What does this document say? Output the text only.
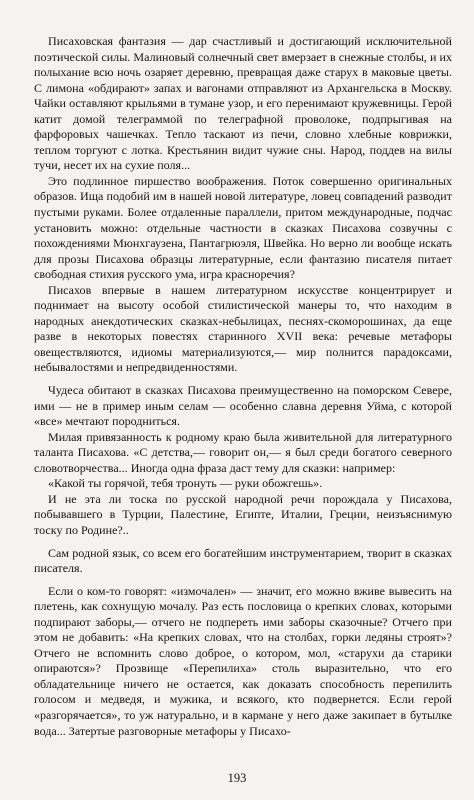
Писаховская фантазия — дар счастливый и достигающий исключительной поэтической силы. Малиновый солнечный свет вмерзает в снежные столбы, и их полыхание всю ночь озаряет деревню, превращая даже старух в маковые цветы. С лимона «обдирают» запах и вагонами отправляют из Архангельска в Москву. Чайки оставляют крыльями в тумане узор, и его перенимают кружевницы. Герой катит домой телеграммой по телеграфной проволоке, подпрыгивая на фарфоровых чашечках. Тепло таскают из печи, словно хлебные коврижки, теплом торгуют с лотка. Крестьянин видит чужие сны. Народ, поддев на вилы тучи, несет их на сухие поля...

Это подлинное пиршество воображения. Поток совершенно оригинальных образов. Ища подобий им в нашей новой литературе, ловец совпадений разводит пустыми руками. Более отдаленные параллели, притом международные, подчас установить можно: отдельные частности в сказках Писахова созвучны с похождениями Мюнхгаузена, Пантагрюэля, Швейка. Но верно ли вообще искать для прозы Писахова образцы литературные, если фантазию писателя питает свободная стихия русского ума, игра красноречия?

Писахов впервые в нашем литературном искусстве концентрирует и поднимает на высоту особой стилистической манеры то, что находим в народных анекдотических сказках-небылицах, песнях-скоморошинах, да еще разве в некоторых повестях старинного XVII века: речевые метафоры овеществляются, идиомы материализуются,— мир полнится парадоксами, небывалостями и непредвиденностями.

Чудеса обитают в сказках Писахова преимущественно на поморском Севере, ими — не в пример иным селам — особенно славна деревня Уйма, с которой «все» мечтают породниться.

Милая привязанность к родному краю была живительной для литературного таланта Писахова. «С детства,— говорит он,— я был среди богатого северного словотворчества... Иногда одна фраза даст тему для сказки: например:

«Какой ты горячой, тебя тронуть — руки обожгешь».

И не эта ли тоска по русской народной речи порождала у Писахова, побывавшего в Турции, Палестине, Египте, Италии, Греции, неизъяснимую тоску по Родине?..

Сам родной язык, со всем его богатейшим инструментарием, творит в сказках писателя.

Если о ком-то говорят: «измочален» — значит, его можно вживе вывесить на плетень, как сохнущую мочалу. Раз есть пословица о крепких словах, которыми подпирают заборы,— отчего не подпереть ими заборы сказочные? Отчего при этом не добавить: «На крепких словах, что на столбах, горки ледяны строят»? Отчего не вспомнить слово доброе, о котором, мол, «старухи да старики опираются»? Прозвище «Перепилиха» столь выразительно, что его обладательнице ничего не остается, как доказать способность перепилить голосом и медведя, и мужика, и всякого, кто подвернется. Если герой «разгорячается», то уж натурально, и в кармане у него даже закипает в бутылке вода... Затертые разговорные метафоры у Писахо-

193
